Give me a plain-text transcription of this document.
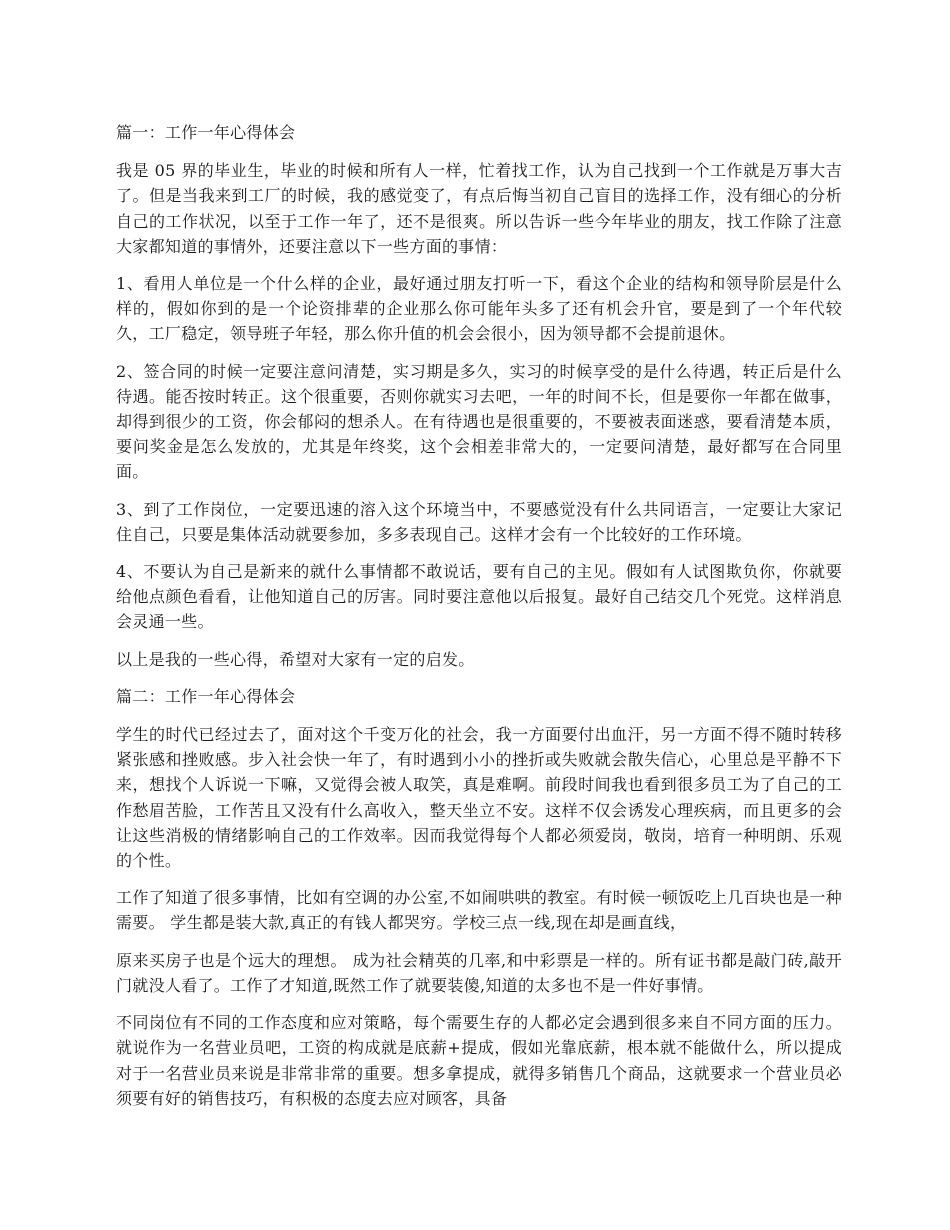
篇一：工作一年心得体会
我是 05 界的毕业生，毕业的时候和所有人一样，忙着找工作，认为自己找到一个工作就是万事大吉了。但是当我来到工厂的时候，我的感觉变了，有点后悔当初自己盲目的选择工作，没有细心的分析自己的工作状况，以至于工作一年了，还不是很爽。所以告诉一些今年毕业的朋友，找工作除了注意大家都知道的事情外，还要注意以下一些方面的事情：
1、看用人单位是一个什么样的企业，最好通过朋友打听一下，看这个企业的结构和领导阶层是什么样的，假如你到的是一个论资排辈的企业那么你可能年头多了还有机会升官，要是到了一个年代较久，工厂稳定，领导班子年轻，那么你升值的机会会很小，因为领导都不会提前退休。
2、签合同的时候一定要注意问清楚，实习期是多久，实习的时候享受的是什么待遇，转正后是什么待遇。能否按时转正。这个很重要，否则你就实习去吧，一年的时间不长，但是要你一年都在做事，却得到很少的工资，你会郁闷的想杀人。在有待遇也是很重要的，不要被表面迷惑，要看清楚本质，要问奖金是怎么发放的，尤其是年终奖，这个会相差非常大的，一定要问清楚，最好都写在合同里面。
3、到了工作岗位，一定要迅速的溶入这个环境当中，不要感觉没有什么共同语言，一定要让大家记住自己，只要是集体活动就要参加，多多表现自己。这样才会有一个比较好的工作环境。
4、不要认为自己是新来的就什么事情都不敢说话，要有自己的主见。假如有人试图欺负你，你就要给他点颜色看看，让他知道自己的厉害。同时要注意他以后报复。最好自己结交几个死党。这样消息会灵通一些。
以上是我的一些心得，希望对大家有一定的启发。
篇二：工作一年心得体会
学生的时代已经过去了，面对这个千变万化的社会，我一方面要付出血汗，另一方面不得不随时转移紧张感和挫败感。步入社会快一年了，有时遇到小小的挫折或失败就会散失信心，心里总是平静不下来，想找个人诉说一下嘛，又觉得会被人取笑，真是难啊。前段时间我也看到很多员工为了自己的工作愁眉苦脸，工作苦且又没有什么高收入，整天坐立不安。这样不仅会诱发心理疾病，而且更多的会让这些消极的情绪影响自己的工作效率。因而我觉得每个人都必须爱岗，敬岗，培育一种明朗、乐观的个性。
工作了知道了很多事情，比如有空调的办公室,不如闹哄哄的教室。有时候一顿饭吃上几百块也是一种需要。 学生都是装大款,真正的有钱人都哭穷。学校三点一线,现在却是画直线，
原来买房子也是个远大的理想。 成为社会精英的几率,和中彩票是一样的。所有证书都是敲门砖,敲开门就没人看了。工作了才知道,既然工作了就要装傻,知道的太多也不是一件好事情。
不同岗位有不同的工作态度和应对策略，每个需要生存的人都必定会遇到很多来自不同方面的压力。就说作为一名营业员吧，工资的构成就是底薪+提成，假如光靠底薪，根本就不能做什么，所以提成对于一名营业员来说是非常非常的重要。想多拿提成，就得多销售几个商品，这就要求一个营业员必须要有好的销售技巧，有积极的态度去应对顾客，具备
